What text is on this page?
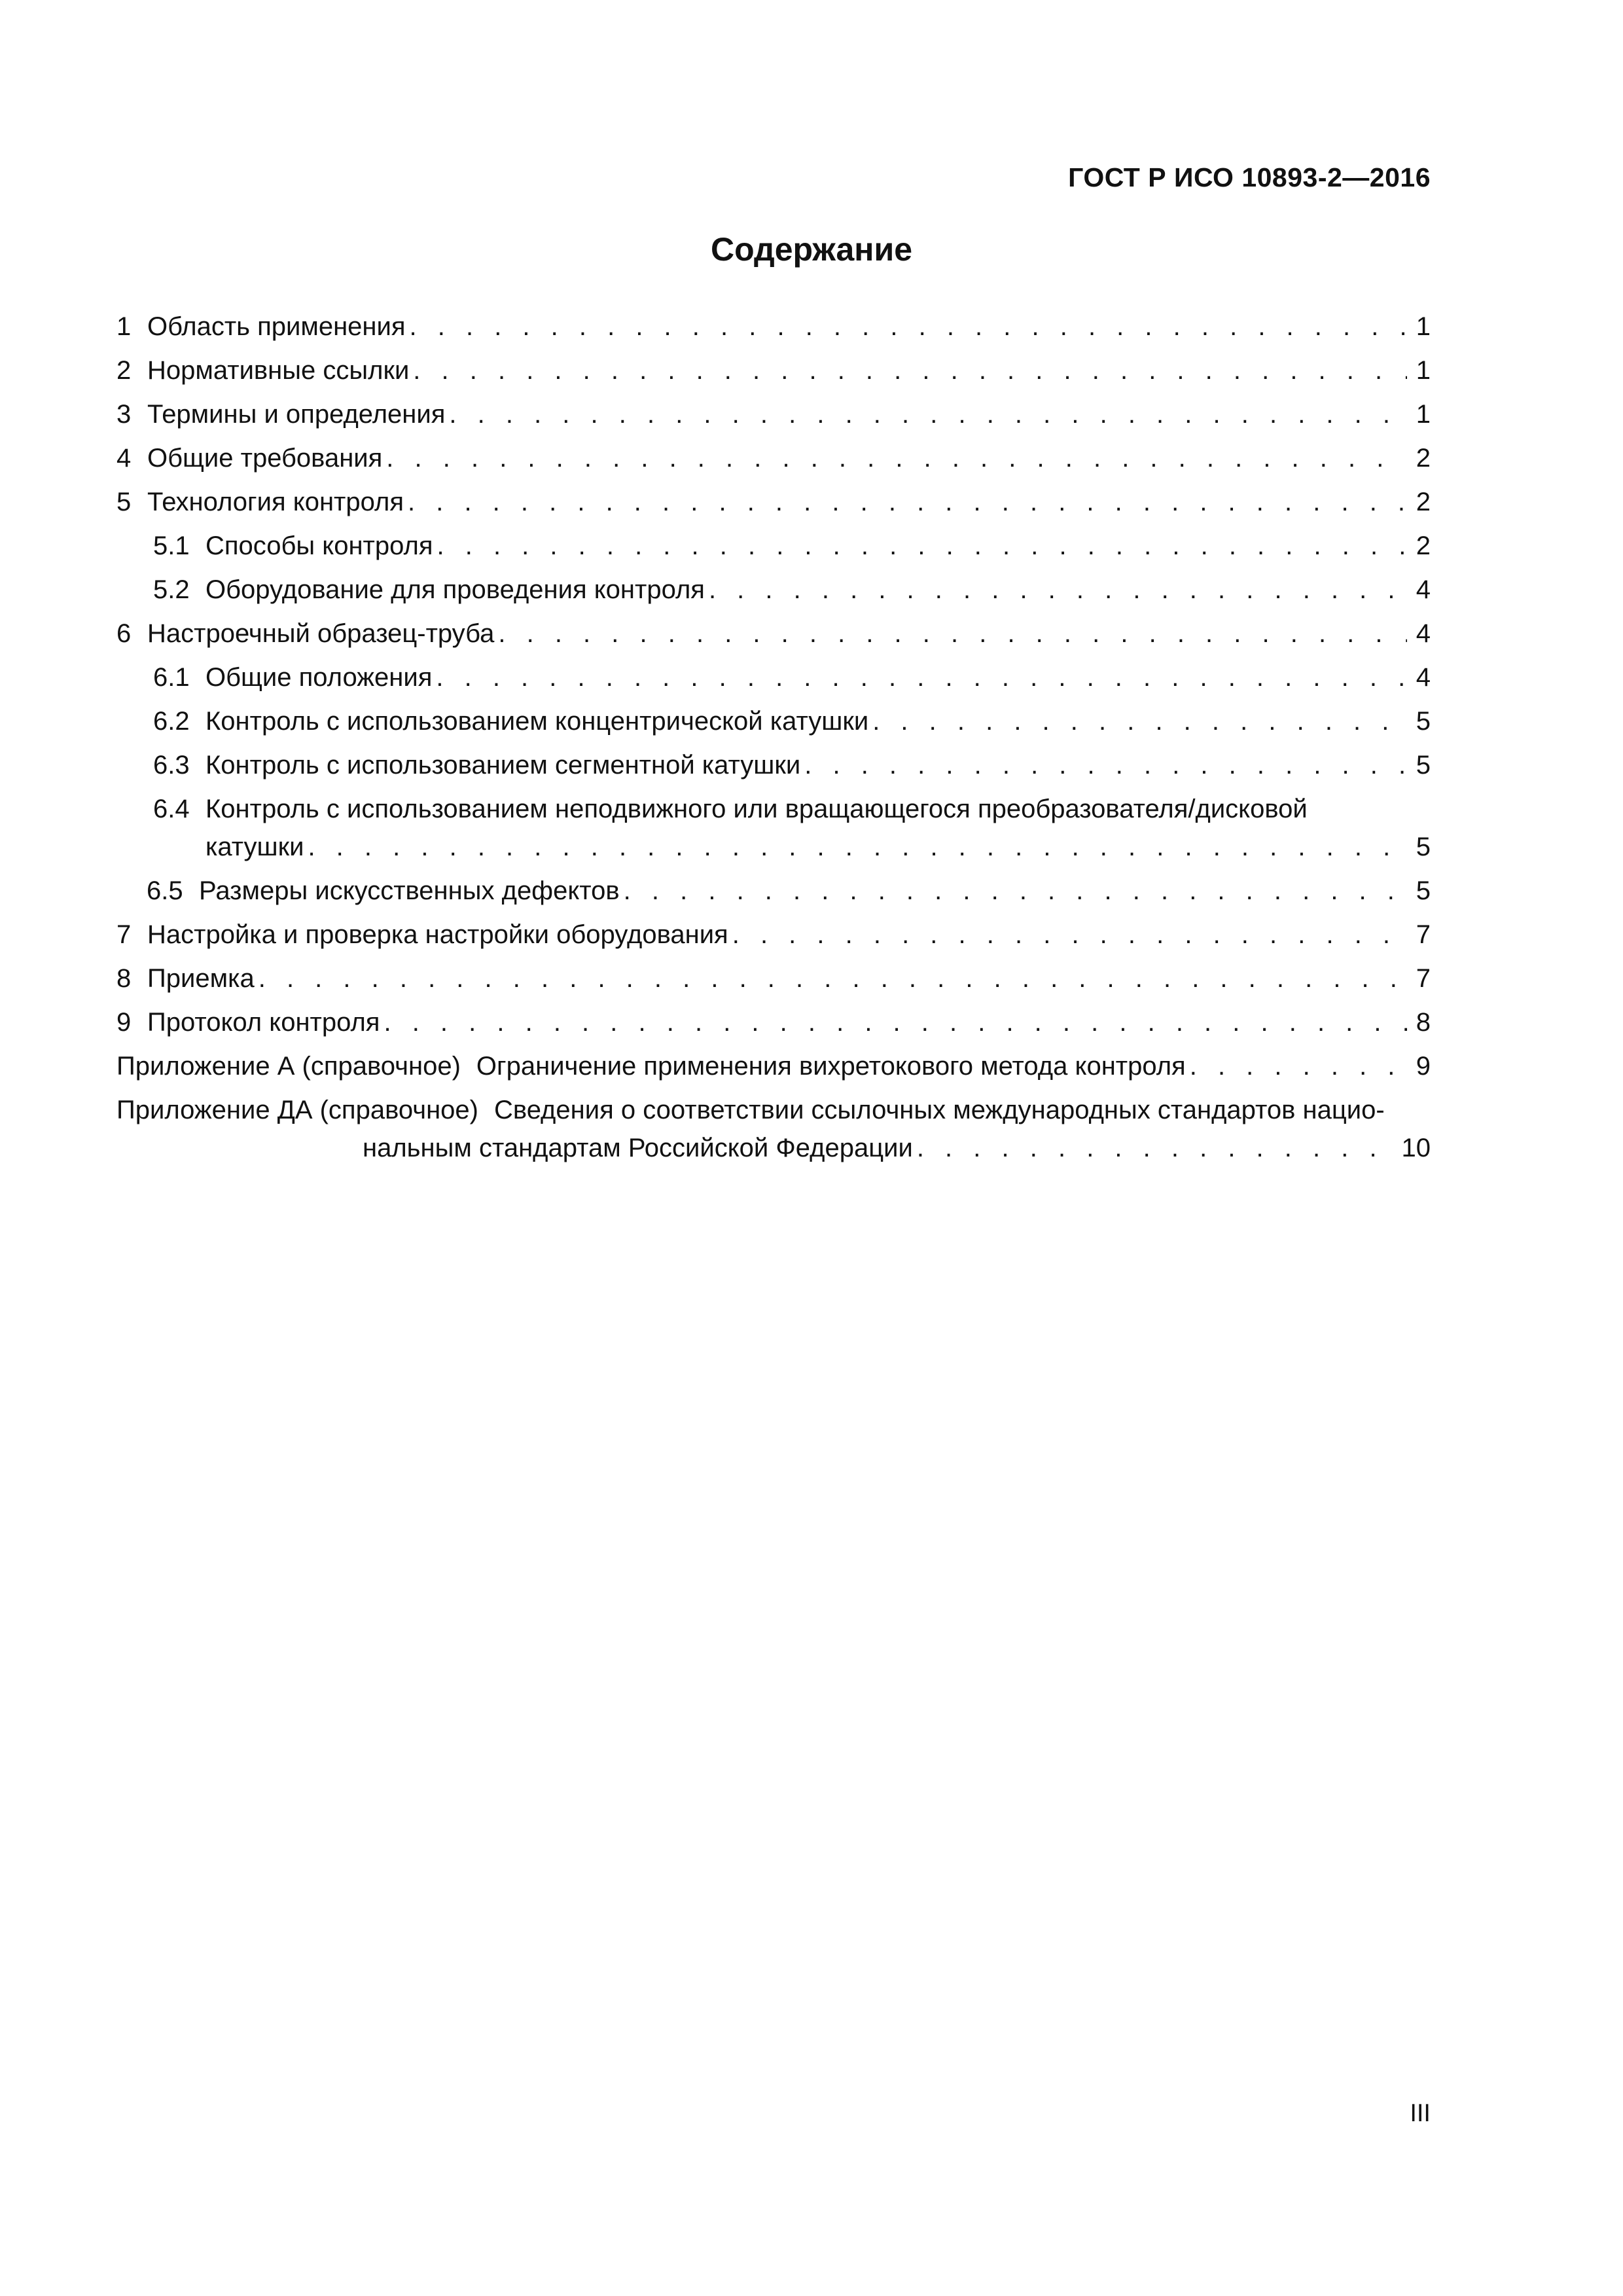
ГОСТ Р ИСО 10893-2—2016

Содержание
1 Область применения . . .	1
2 Нормативные ссылки . . .	1
3 Термины и определения . . .	1
4 Общие требования . . .	2
5 Технология контроля . . .	2
5.1 Способы контроля . . .	2
5.2 Оборудование для проведения контроля . . .	4
6 Настроечный образец-труба . . .	4
6.1 Общие положения . . .	4
6.2 Контроль с использованием концентрической катушки . . .	5
6.3 Контроль с использованием сегментной катушки . . .	5
6.4 Контроль с использованием неподвижного или вращающегося преобразователя/дисковой
катушки . . .	5
6.5 Размеры искусственных дефектов . . .	5
7 Настройка и проверка настройки оборудования . . .	7
8 Приемка . . .	7
9 Протокол контроля . . .	8
Приложение А (справочное) Ограничение применения вихретокового метода контроля . . .	9
Приложение ДА (справочное) Сведения о соответствии ссылочных международных стандартов нацио-
нальным стандартам Российской Федерации . . .	10

III
